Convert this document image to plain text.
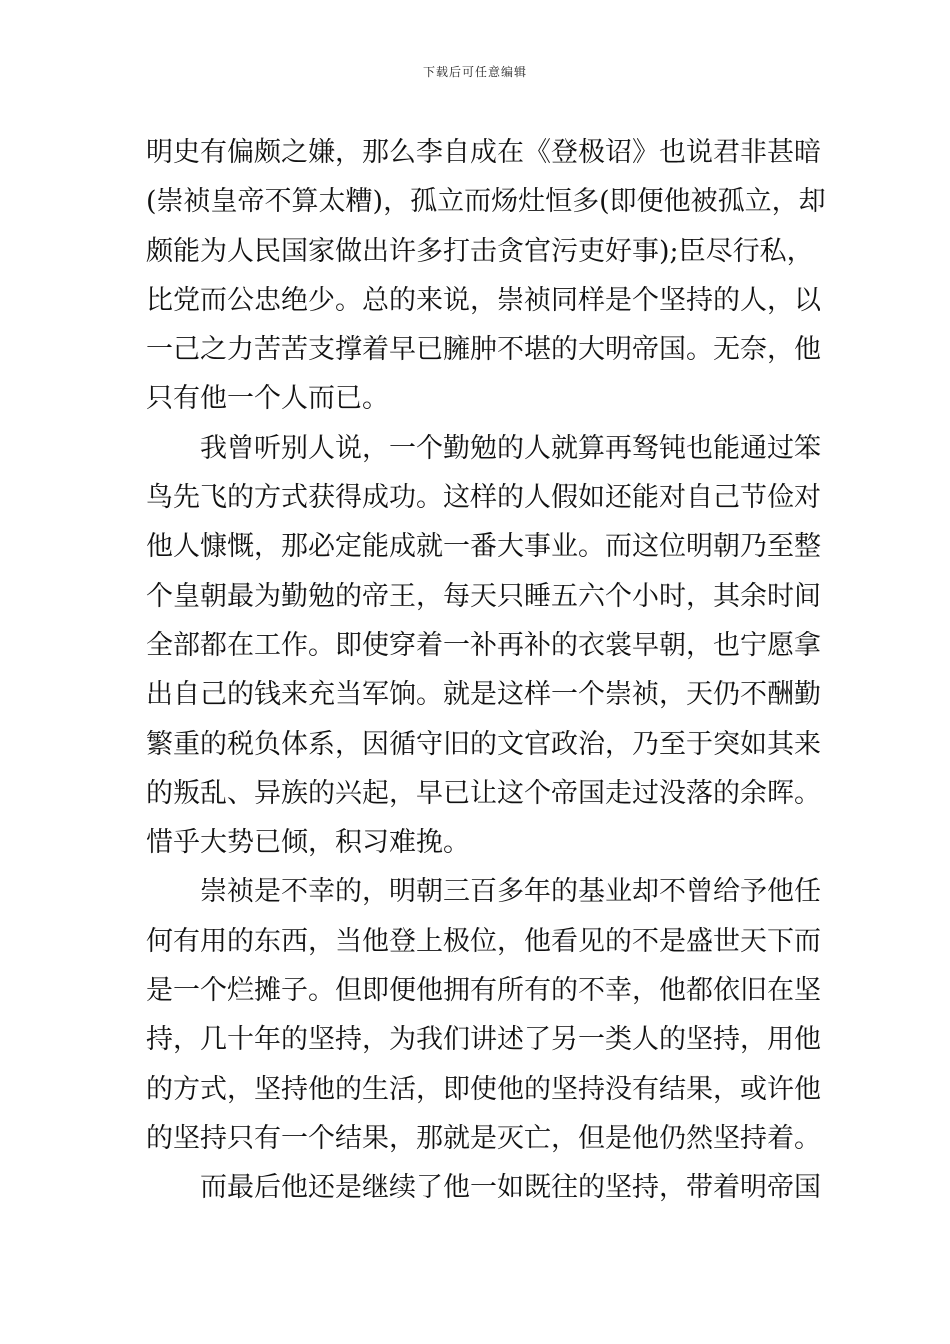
下载后可任意编辑
明史有偏颇之嫌，那么李自成在《登极诏》也说君非甚暗
(崇祯皇帝不算太糟)，孤立而炀灶恒多(即便他被孤立，却
颇能为人民国家做出许多打击贪官污吏好事);臣尽行私，
比党而公忠绝少。总的来说，崇祯同样是个坚持的人，以
一己之力苦苦支撑着早已臃肿不堪的大明帝国。无奈，他
只有他一个人而已。
我曾听别人说，一个勤勉的人就算再驽钝也能通过笨
鸟先飞的方式获得成功。这样的人假如还能对自己节俭对
他人慷慨，那必定能成就一番大事业。而这位明朝乃至整
个皇朝最为勤勉的帝王，每天只睡五六个小时，其余时间
全部都在工作。即使穿着一补再补的衣裳早朝，也宁愿拿
出自己的钱来充当军饷。就是这样一个崇祯，天仍不酬勤
繁重的税负体系，因循守旧的文官政治，乃至于突如其来
的叛乱、异族的兴起，早已让这个帝国走过没落的余晖。
惜乎大势已倾，积习难挽。
崇祯是不幸的，明朝三百多年的基业却不曾给予他任
何有用的东西，当他登上极位，他看见的不是盛世天下而
是一个烂摊子。但即便他拥有所有的不幸，他都依旧在坚
持，几十年的坚持，为我们讲述了另一类人的坚持，用他
的方式，坚持他的生活，即使他的坚持没有结果，或许他
的坚持只有一个结果，那就是灭亡，但是他仍然坚持着。
而最后他还是继续了他一如既往的坚持，带着明帝国
